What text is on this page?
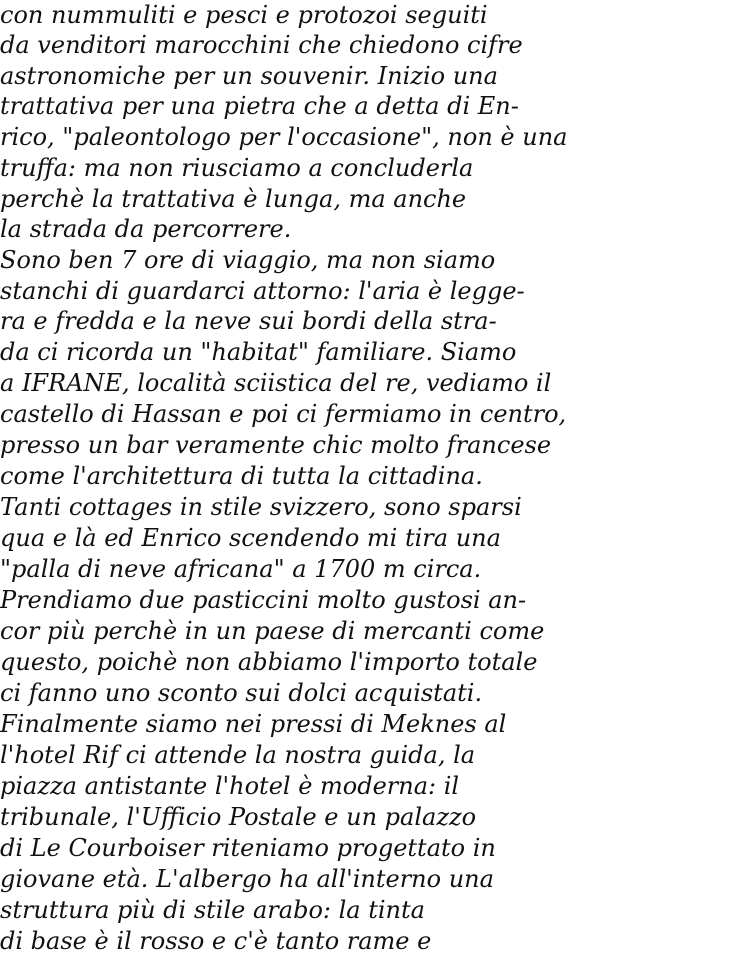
con nummuliti e pesci e protozoi seguiti
da venditori marocchini che chiedono cifre
astronomiche per un souvenir. Inizio una
trattativa per una pietra che a detta di En-
rico, "paleontologo per l'occasione", non è una
truffa: ma non riusciamo a concluderla
perchè la trattativa è lunga, ma anche
la strada da percorrere.
Sono ben 7 ore di viaggio, ma non siamo
stanchi di guardarci attorno: l'aria è legge-
ra e fredda e la neve sui bordi della stra-
da ci ricorda un "habitat" familiare. Siamo
a IFRANE, località sciistica del re, vediamo il
castello di Hassan e poi ci fermiamo in centro,
presso un bar veramente chic molto francese
come l'architettura di tutta la cittadina.
Tanti cottages in stile svizzero, sono sparsi
qua e là ed Enrico scendendo mi tira una
"palla di neve africana" a 1700 m circa.
Prendiamo due pasticcini molto gustosi an-
cor più perchè in un paese di mercanti come
questo, poichè non abbiamo l'importo totale
ci fanno uno sconto sui dolci acquistati.
Finalmente siamo nei pressi di Meknes al
l'hotel Rif ci attende la nostra guida, la
piazza antistante l'hotel è moderna: il
tribunale, l'Ufficio Postale e un palazzo
di Le Courboiser riteniamo progettato in
giovane età. L'albergo ha all'interno una
struttura più di stile arabo: la tinta
di base è il rosso e c'è tanto rame e
